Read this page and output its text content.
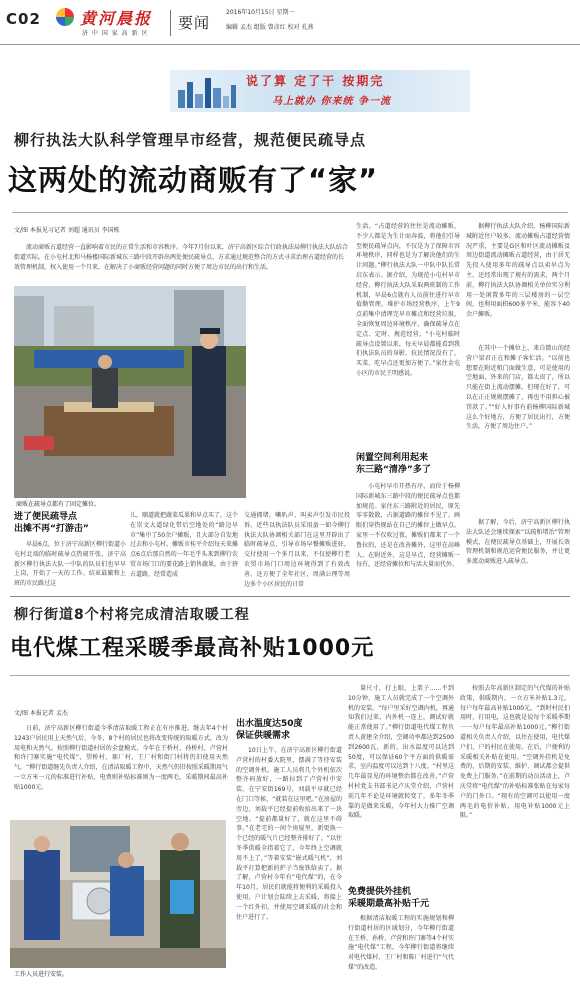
C02 黄河晨报
济 中 国 家 高 新 区
要闻
2016年10月15日 星期一
编辑 孟杰 组版 曾彦红 校对 孔燕
说了算 定了干 按期完
马上就办 你来统 争一流
柳行执法大队科学管理早市经营，规范便民疏导点
这两处的流动商贩有了“家”
文/图 本报见习记者 刘超 通讯员 李国栋
流动商贩占道经营一直影响着市民的正常生活和市容秩序。今年7月份以来，济宁高新区综合行政执法局柳行执法大队结合街道实际，在小屯村北和马杨楼国际新城东三路中段开辟出两处便民疏导点，方求通过规范整合的方式寻求治理占道经营的长效管理机制，权入使用一个月来，在解决了小商贩经营问题的同时方便了周边市民的出行和生活。
商贩在疏导点都有了固定摊位。
进了便民疏导点
出摊不再“打游击”
早晨6点，位于济宁高新区柳行街道小屯村北端的临时疏导点热闹开张，济宁高新区柳行执法大队一中队的队员们也早早上岗，开始了一天的工作。结束最繁和上班的市民路过这
儿，顺道就把蔬菜瓜果和早点买了。这个在崇文大道绿化带后空地处的“路边早市”集中了50余户摊贩，且大部分自发地过去和小屯村。摊贩市桂平介绍每天来摊点6点后那自然的一年毛乎头来到柳行农贸市场门口的要花路上销售蔬果，由于挤占道路，经常造成
交通拥堵，喇叭声、叫卖声引发市民投诉。近些以执法队员采用蛮一如今柳行执法大队协调相关部门在这里开辟出了临时疏导点，引导市场早餐摊贩进驻，交付使用一个多月以来，不仅使柳行老农贸市场门口周边环境得到了有效改善，还方便了全年社区，周满公理等周边多个小区居民的日常
生活。“占道经营的往往是流动摊贩，不少人都是为生计而奔波，将他们引导至便民疏导点内，不仅是为了保障市容环境秩序，同样也是为了解决他们的生计问题。”柳行执法大队一中队中队长常启东表示。据介绍，为规范小屯村早市经营，柳行执法大队采取两班制的工作机制，早晨6点就有人员前往进行早市值勤管理，堆护市场经营秩序，上午9点前集中清理完早市摊点和经营垃圾，全面恢复周边环境秩序，确保疏导点在定点、定时、规范经营。“小屯村临时疏导点设置以来，每天早晨都能看到我们执法队员的身影，抗民情况没有了，买菜、吃早点还更加方便了。”家住金屯小区的市民王明感说。
闲置空间利用起来
东三路“清净”多了
小屯村早市开热有序，而位于杨柳国际新城东三路中段的便民疏导点也都加规范。家住东三路附近的居民，原先零零散散，占据道路的摊位不见了。画眼们穿热规站在自己的摊位上做早点。家里一不仅吹过夜，摊贩们都来了一个鲁拉的，还是在改善摊外，这里在高峰人，在附近外，这是早点，经营摊贩一每有，还经营摊位和与活大量而代外。
据柳行执法大队介绍，杨柳国际新城附近住户较多，流动摊贩占道经营情况严重，主要是G区和叶区流动摊贩及周边街道流动摊贩占道经营，由于居无先投入使用多年的疏导点以卖早点为主，还经常出现了规有的需求，两个月前，柳行执法大队协调相关单位实分利用一处闲置多年的三层楼房的一层空间，也利用面积600多平米，能容下40余户摊贩。
在其中一个摊位上，来自微山的经营户梁君正在和摊子客忙活。“以前也想要在附近租门面做生意，可是使用的空地面，外来的门店，都太贵了，所以只能在街上流动摆摊，但现在好了，可以在正正规规摆摊了，再也不用担心被罚款了。”“好人好事有前杨柳国际新城这么个好地方，方便了居民出行，方便生活，方便了周边住户。”
据了解，今后，济宁高新区柳行执法大队还会继续探索“以疏和堵治”管理模式，在便民疏导点基础上，开展长效管理机制和规范运营便民服务，并让更多流动商贩进入疏导点。
柳行街道8个村将完成清洁取暖工程
电代煤工程采暖季最高补贴1000元
文/图 本报记者 孟杰
日前，济宁高新区柳行街道今季清洁取暖工程正在有序推进，继去年4个村1243户居民用上天然气后，今冬，8个村的居民也将改变传统的取暖方式，改为用电和天然气。按照柳行街道村居的全盘模式，今年在王桥村、孙桥村、卢营村和许门寨实施“电代煤”，望桥村、郝厂村、王厂村和街门村将仍旧使用天然气。“柳行街道继先负责人介绍，在清洁取暖工程中，天然气仍旧按照采暖期用气一立方米一元的标准进行补贴，电费则补贴标准则为一度两毛，采暖期间最高补贴1000元。
工作人员进行安装。
出水温度达50度
保证供暖需求
10日上午，在济宁高新区柳行街道卢营村的村委大院里，摆满了等待安装的空调外机。施工人员将几个外机依次整齐码放好，一路拉到了卢营村中安装。在宁安街169号，刘载平早就已经在门口等候，“就装在这里吧。”在房屋的旁边，刘载平已经提前收拾出来了一块空地。“提前都量好了，就在这里不碍事。”在老宅的一间个房厦里，新更换一个已经的暖气片已经整齐排好了。“以往冬季供暖全指着它了，今年终上空调就用不上了，”等着安装“嵌式暖气机”，刘载平打算把新的炉子当废铁给卖了。据了解，卢营村今年有“电代煤”的，在今年10月，居民们就能将便利的采暖投入使用，户计划会陆续上去采暖，将接上一个红外扣，并使用空调采暖的社会和住户进行了。
量尺寸，打上眼，上架子……不到10分钟，施工人员就完成了一个空调外机的安装。“每户里采好空调内机，再通知我们过来，内外机一连上，调试好就能正常使用了。”柳行街道电代煤工程负责人黄建全介绍，空调功率都达到2500到2600瓦，新的，出水温度可以达到50度，可以保证60个平方面的供暖需求，室内温度可以达到十八度。“村里这几年最显见的环境整治都在改善，”卢营村村党支书部书记卢庆堂介绍，卢营村前几年不论是环境就转变了，多年冬季靠的是做来采暖，今年村大力推广空调取暖。
免费提供外挂机
采暖期最高补贴千元
根据清洁取暖工程的实施规划和柳行街道村居的区域划分，今年柳行街道在王桥、孙桥、卢营和许门寨等4个村实施“电代煤”工程，今年柳行街道将继续对电代煤村、王厂村和陈厂村进行“气代煤”的改造。
按照去年高新区制定的气代煤的补贴政策，供暖期内，一立方米补贴1.3元，每户每年最高补贴1000元。“到时村民们用时，打用电，这也就是说每个采暖季期一一每户每年最高补贴1000元。”柳行街道相关负责人介绍，以往在使用，电代煤户们，户的村民在使用，在后，户便利的采暖相关补贴在使用。“空调外挂机是免费的，后期的安装、维护、调试都会提供免费上门服务。”在前期的动员活动上，卢庆堂将“电代煤”的补贴标准张贴在每家每户的门外口。“现有的空调可以使用一度两毛的电价补贴，用电补贴1000元上限。”
